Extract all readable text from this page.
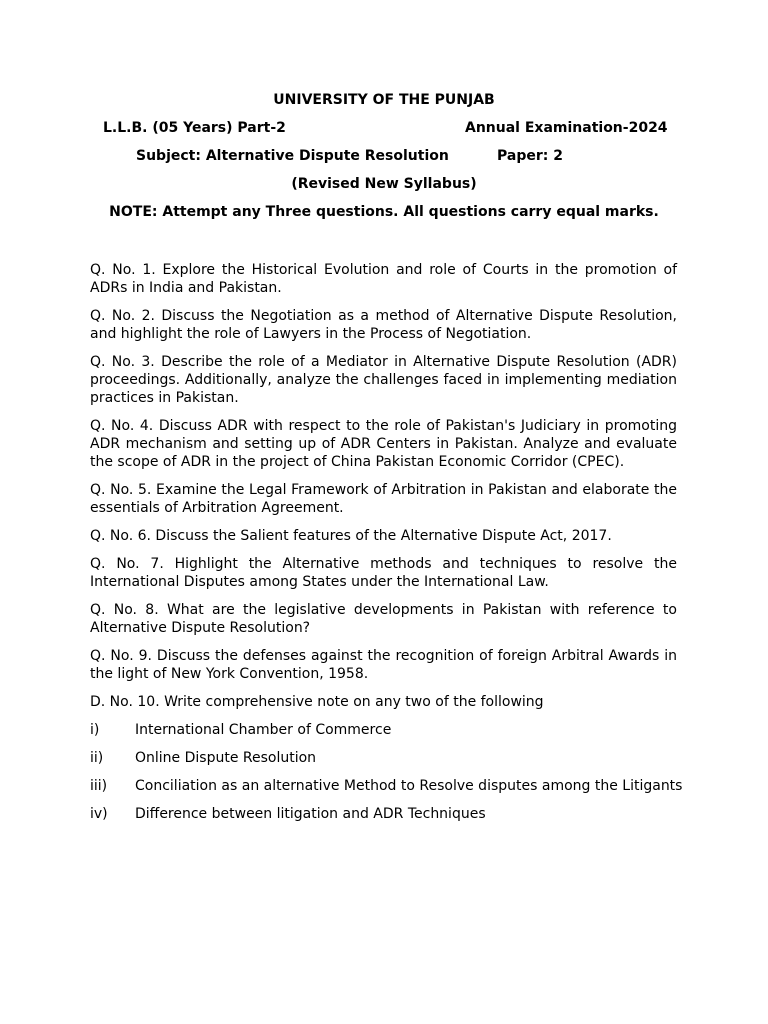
UNIVERSITY OF THE PUNJAB
L.L.B. (05 Years) Part-2	Annual Examination-2024
Subject: Alternative Dispute Resolution	Paper: 2
(Revised New Syllabus)
NOTE: Attempt any Three questions. All questions carry equal marks.

Q. No. 1. Explore the Historical Evolution and role of Courts in the promotion of ADRs in India and Pakistan.

Q. No. 2. Discuss the Negotiation as a method of Alternative Dispute Resolution, and highlight the role of Lawyers in the Process of Negotiation.

Q. No. 3. Describe the role of a Mediator in Alternative Dispute Resolution (ADR) proceedings. Additionally, analyze the challenges faced in implementing mediation practices in Pakistan.

Q. No. 4. Discuss ADR with respect to the role of Pakistan's Judiciary in promoting ADR mechanism and setting up of ADR Centers in Pakistan. Analyze and evaluate the scope of ADR in the project of China Pakistan Economic Corridor (CPEC).

Q. No. 5. Examine the Legal Framework of Arbitration in Pakistan and elaborate the essentials of Arbitration Agreement.

Q. No. 6. Discuss the Salient features of the Alternative Dispute Act, 2017.

Q. No. 7. Highlight the Alternative methods and techniques to resolve the International Disputes among States under the International Law.

Q. No. 8. What are the legislative developments in Pakistan with reference to Alternative Dispute Resolution?

Q. No. 9. Discuss the defenses against the recognition of foreign Arbitral Awards in the light of New York Convention, 1958.

D. No. 10. Write comprehensive note on any two of the following

i)	International Chamber of Commerce
ii) Online Dispute Resolution
iii) Conciliation as an alternative Method to Resolve disputes among the Litigants
iv) Difference between litigation and ADR Techniques
